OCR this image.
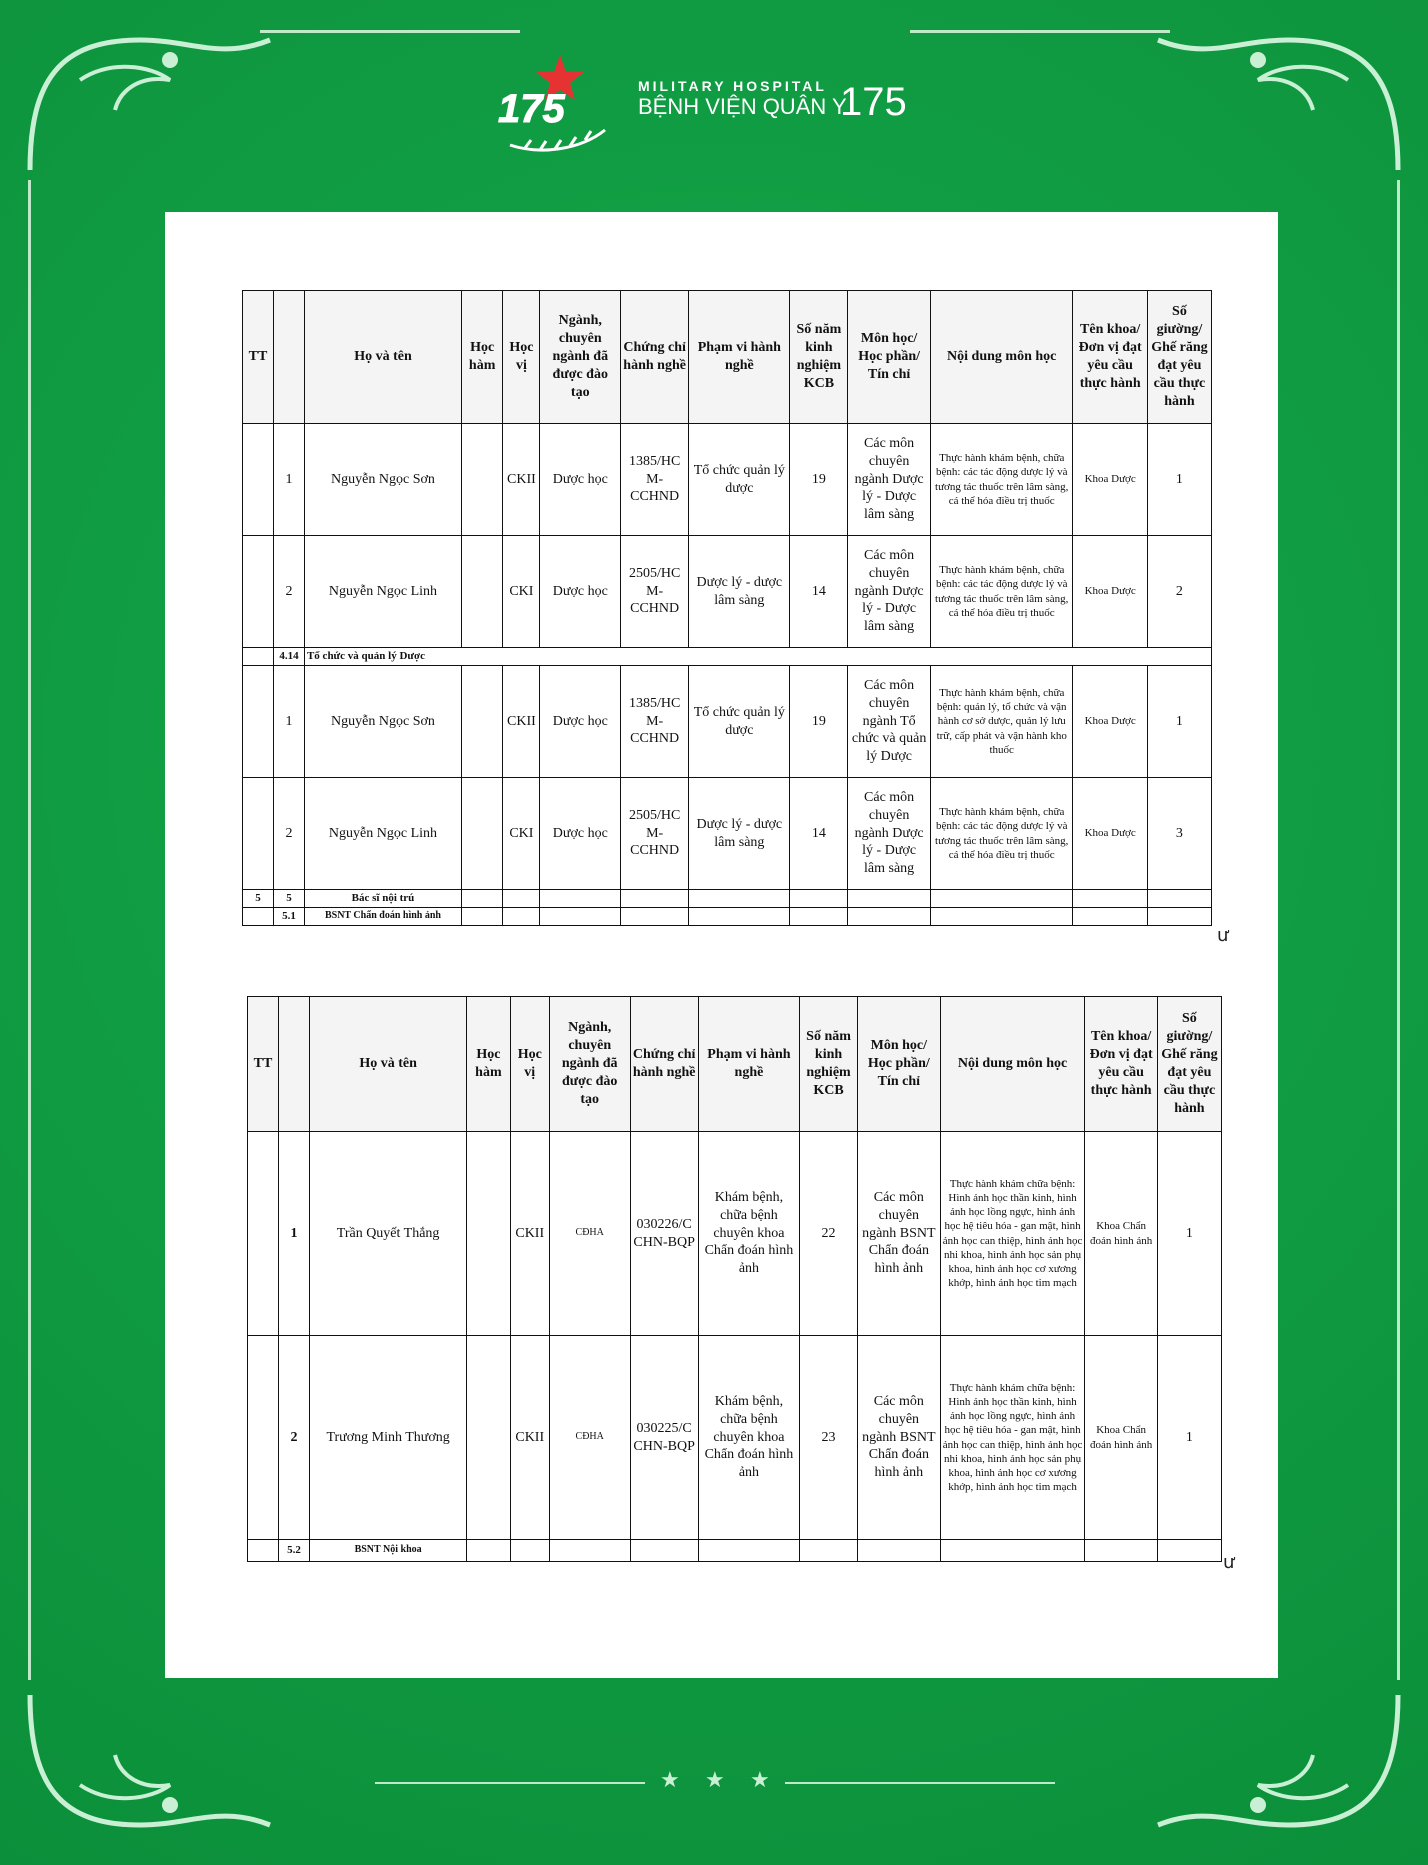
175
MILITARY HOSPITAL
BỆNH VIỆN QUÂN Y
175
TT		Họ và tên	Học hàm	Học vị	Ngành, chuyên ngành đã được đào tạo	Chứng chỉ hành nghề	Phạm vi hành nghề	Số năm kinh nghiệm KCB	Môn học/ Học phần/ Tín chỉ	Nội dung môn học	Tên khoa/ Đơn vị đạt yêu cầu thực hành	Số giường/ Ghế răng đạt yêu cầu thực hành
	1	Nguyễn Ngọc Sơn		CKII	Dược học	1385/HC M-CCHND	Tổ chức quản lý dược	19	Các môn chuyên ngành Dược lý - Dược lâm sàng	Thực hành khám bệnh, chữa bệnh: các tác động dược lý và tương tác thuốc trên lâm sàng, cá thể hóa điều trị thuốc	Khoa Dược	1
	2	Nguyễn Ngọc Linh		CKI	Dược học	2505/HC M-CCHND	Dược lý - dược lâm sàng	14	Các môn chuyên ngành Dược lý - Dược lâm sàng	Thực hành khám bệnh, chữa bệnh: các tác động dược lý và tương tác thuốc trên lâm sàng, cá thể hóa điều trị thuốc	Khoa Dược	2
	4.14	Tổ chức và quản lý Dược										
	1	Nguyễn Ngọc Sơn		CKII	Dược học	1385/HC M-CCHND	Tổ chức quản lý dược	19	Các môn chuyên ngành Tổ chức và quản lý Dược	Thực hành khám bệnh, chữa bệnh: quản lý, tổ chức và vận hành cơ sở dược, quản lý lưu trữ, cấp phát và vận hành kho thuốc	Khoa Dược	1
	2	Nguyễn Ngọc Linh		CKI	Dược học	2505/HC M-CCHND	Dược lý - dược lâm sàng	14	Các môn chuyên ngành Dược lý - Dược lâm sàng	Thực hành khám bệnh, chữa bệnh: các tác động dược lý và tương tác thuốc trên lâm sàng, cá thể hóa điều trị thuốc	Khoa Dược	3
5	5	Bác sĩ nội trú										
	5.1	BSNT Chẩn đoán hình ảnh										
ư
TT		Họ và tên	Học hàm	Học vị	Ngành, chuyên ngành đã được đào tạo	Chứng chỉ hành nghề	Phạm vi hành nghề	Số năm kinh nghiệm KCB	Môn học/ Học phần/ Tín chỉ	Nội dung môn học	Tên khoa/ Đơn vị đạt yêu cầu thực hành	Số giường/ Ghế răng đạt yêu cầu thực hành
	1	Trần Quyết Thắng		CKII	CĐHA	030226/C CHN-BQP	Khám bệnh, chữa bệnh chuyên khoa Chẩn đoán hình ảnh	22	Các môn chuyên ngành BSNT Chẩn đoán hình ảnh	Thực hành khám chữa bệnh: Hình ảnh học thần kinh, hình ảnh học lồng ngực, hình ảnh học hệ tiêu hóa - gan mật, hình ảnh học can thiệp, hình ảnh học nhi khoa, hình ảnh học sản phụ khoa, hình ảnh học cơ xương khớp, hình ảnh học tim mạch	Khoa Chẩn đoán hình ảnh	1
	2	Trương Minh Thương		CKII	CĐHA	030225/C CHN-BQP	Khám bệnh, chữa bệnh chuyên khoa Chẩn đoán hình ảnh	23	Các môn chuyên ngành BSNT Chẩn đoán hình ảnh	Thực hành khám chữa bệnh: Hình ảnh học thần kinh, hình ảnh học lồng ngực, hình ảnh học hệ tiêu hóa - gan mật, hình ảnh học can thiệp, hình ảnh học nhi khoa, hình ảnh học sản phụ khoa, hình ảnh học cơ xương khớp, hình ảnh học tim mạch	Khoa Chẩn đoán hình ảnh	1
	5.2	BSNT Nội khoa										
ư
★ ★ ★
